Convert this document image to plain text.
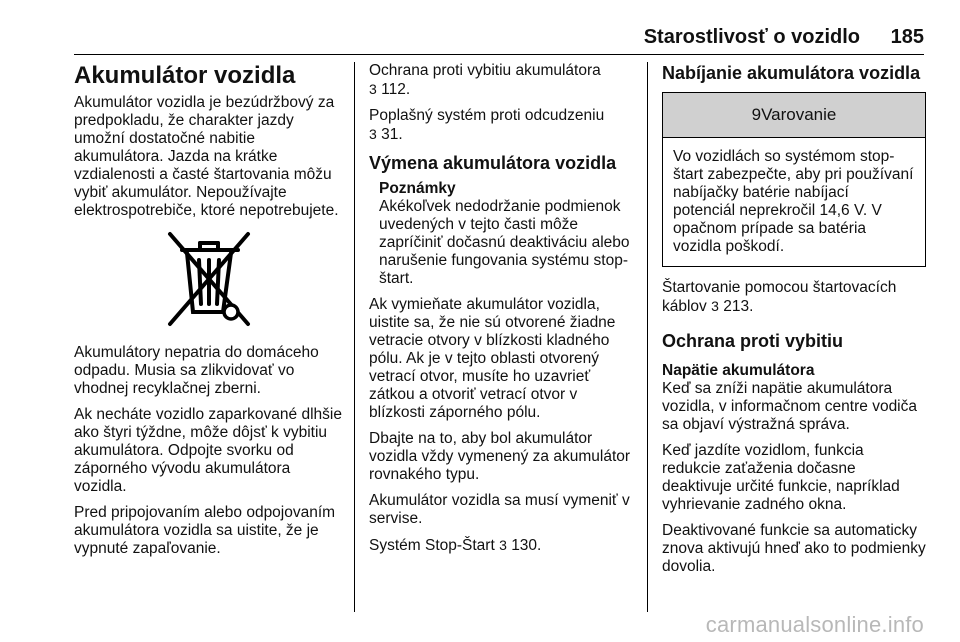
Starostlivosť o vozidlo 185
Akumulátor vozidla

Akumulátor vozidla je bezúdržbový za predpokladu, že charakter jazdy umožní dostatočné nabitie akumulátora. Jazda na krátke vzdialenosti a časté štartovania môžu vybiť akumulátor. Nepoužívajte elektrospotrebiče, ktoré nepotrebujete.

Akumulátory nepatria do domáceho odpadu. Musia sa zlikvidovať vo vhodnej recyklačnej zberni.

Ak necháte vozidlo zaparkované dlhšie ako štyri týždne, môže dôjsť k vybitiu akumulátora. Odpojte svorku od záporného vývodu akumulátora vozidla.

Pred pripojovaním alebo odpojovaním akumulátora vozidla sa uistite, že je vypnuté zapaľovanie.

Ochrana proti vybitiu akumulátora
3 112.

Poplašný systém proti odcudzeniu
3 31.

Výmena akumulátora vozidla
Poznámky
Akékoľvek nedodržanie podmienok uvedených v tejto časti môže zapríčiniť dočasnú deaktiváciu alebo narušenie fungovania systému stop-štart.

Ak vymieňate akumulátor vozidla, uistite sa, že nie sú otvorené žiadne vetracie otvory v blízkosti kladného pólu. Ak je v tejto oblasti otvorený vetrací otvor, musíte ho uzavrieť zátkou a otvoriť vetrací otvor v blízkosti záporného pólu.

Dbajte na to, aby bol akumulátor vozidla vždy vymenený za akumulátor rovnakého typu.

Akumulátor vozidla sa musí vymeniť v servise.

Systém Stop-Štart 3 130.

Nabíjanie akumulátora vozidla
9Varovanie
Vo vozidlách so systémom stop-štart zabezpečte, aby pri používaní nabíjačky batérie nabíjací potenciál neprekročil 14,6 V. V opačnom prípade sa batéria vozidla poškodí.

Štartovanie pomocou štartovacích káblov 3 213.

Ochrana proti vybitiu
Napätie akumulátora

Keď sa zníži napätie akumulátora vozidla, v informačnom centre vodiča sa objaví výstražná správa.

Keď jazdíte vozidlom, funkcia redukcie zaťaženia dočasne deaktivuje určité funkcie, napríklad vyhrievanie zadného okna.

Deaktivované funkcie sa automaticky znova aktivujú hneď ako to podmienky dovolia.

carmanualsonline.info
